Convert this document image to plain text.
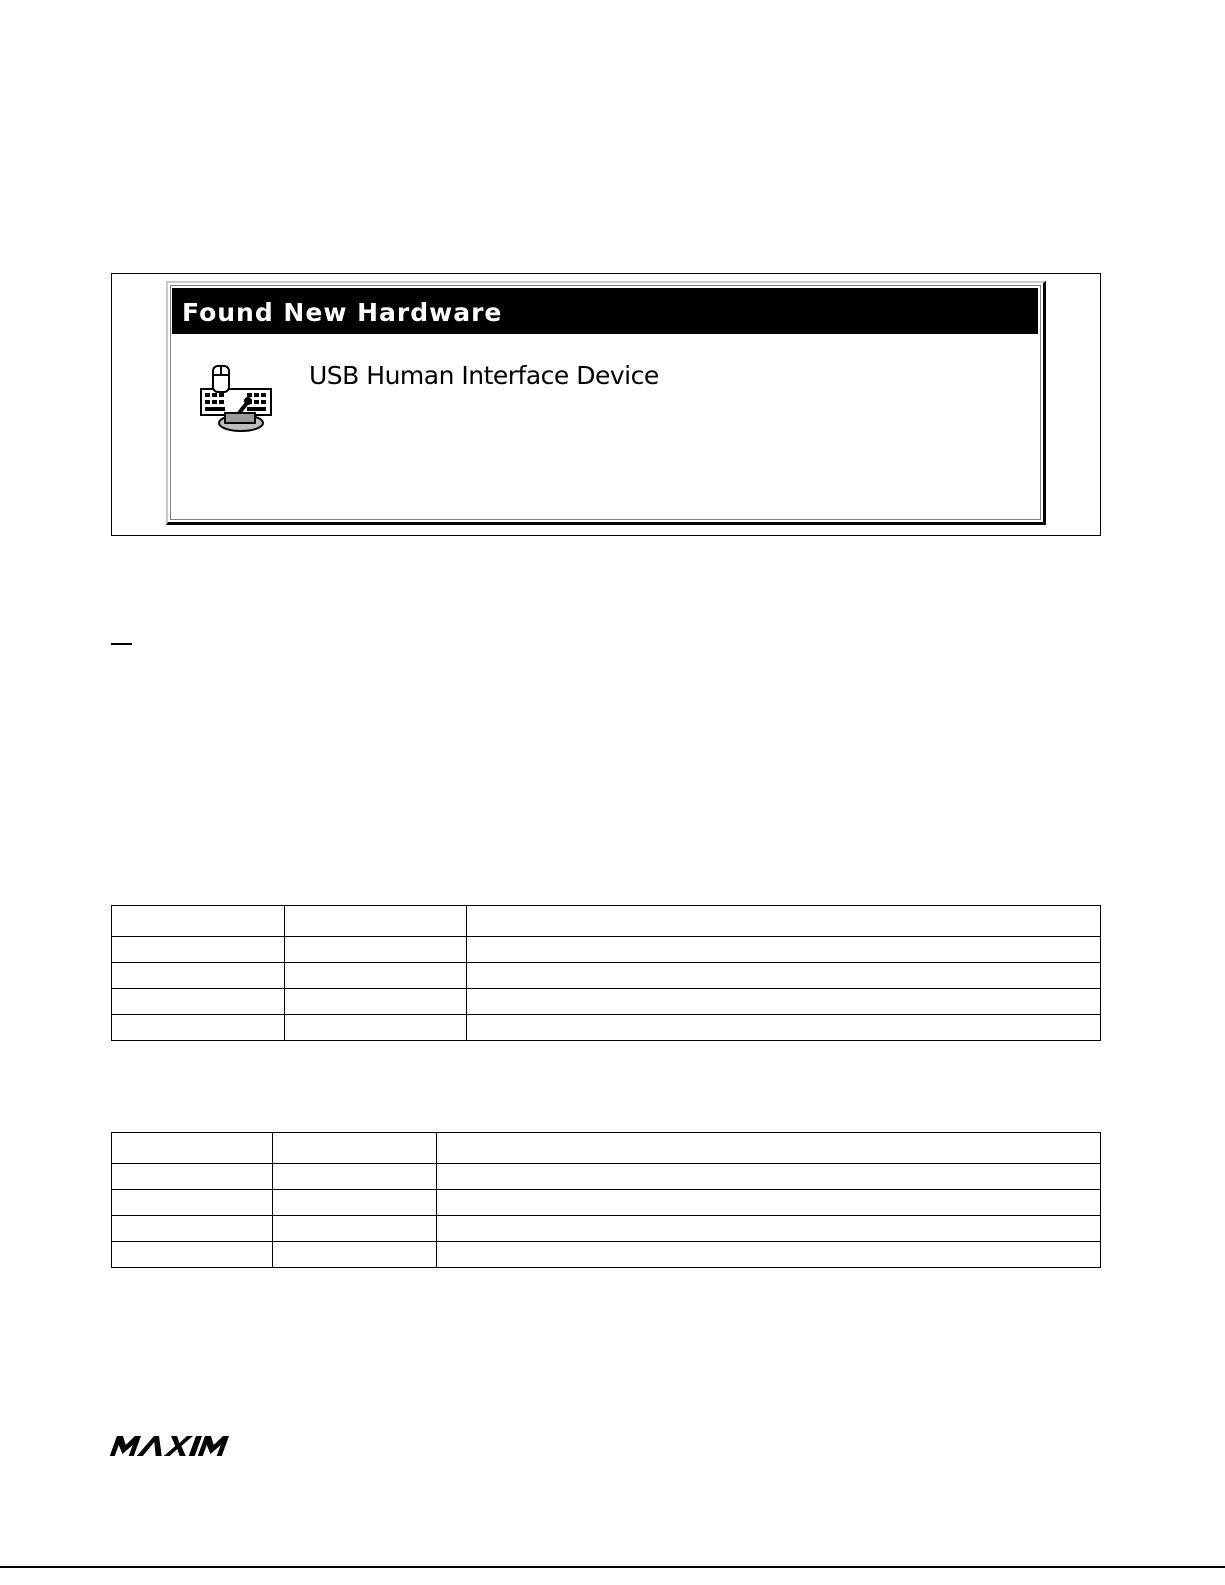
Found New Hardware
USB Human Interface Device
